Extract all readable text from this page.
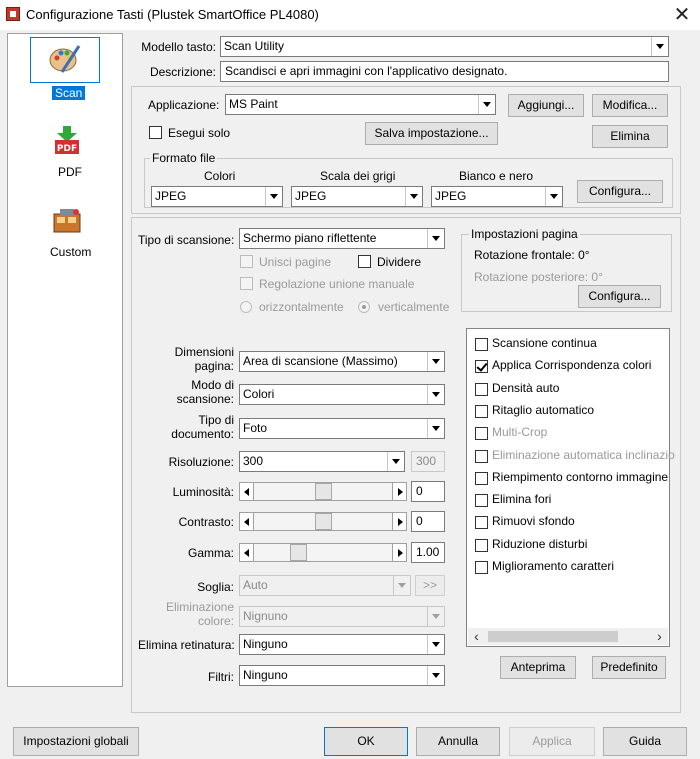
Configurazione Tasti (Plustek SmartOffice PL4080)	✕
Scan
PDF
PDF
Custom
Modello tasto: Scan Utility
Descrizione: Scandisci e apri immagini con l'applicativo designato.
Applicazione: MS Paint	Aggiungi...	Modifica...
Esegui solo	Salva impostazione...	Elimina
Formato file
Colori	Scala dei grigi	Bianco e nero
JPEG	JPEG	JPEG	Configura...
Tipo di scansione: Schermo piano riflettente
Unisci pagine	Dividere
Regolazione unione manuale
orizzontalmente	verticalmente
Impostazioni pagina
Rotazione frontale: 0°
Rotazione posteriore: 0°
Configura...
Dimensioni pagina: Area di scansione (Massimo)
Modo di scansione: Colori
Tipo di documento: Foto
Risoluzione: 300	300
Luminosità:	0
Contrasto:	0
Gamma:	1.00
Soglia: Auto	>>
Eliminazione colore: Nignuno
Elimina retinatura: Ninguno
Filtri: Ninguno
Scansione continua
Applica Corrispondenza colori
Densità auto
Ritaglio automatico
Multi-Crop
Eliminazione automatica inclinazio
Riempimento contorno immagine
Elimina fori
Rimuovi sfondo
Riduzione disturbi
Miglioramento caratteri
‹	›
Anteprima	Predefinito
Impostazioni globali	OK	Annulla	Applica	Guida
